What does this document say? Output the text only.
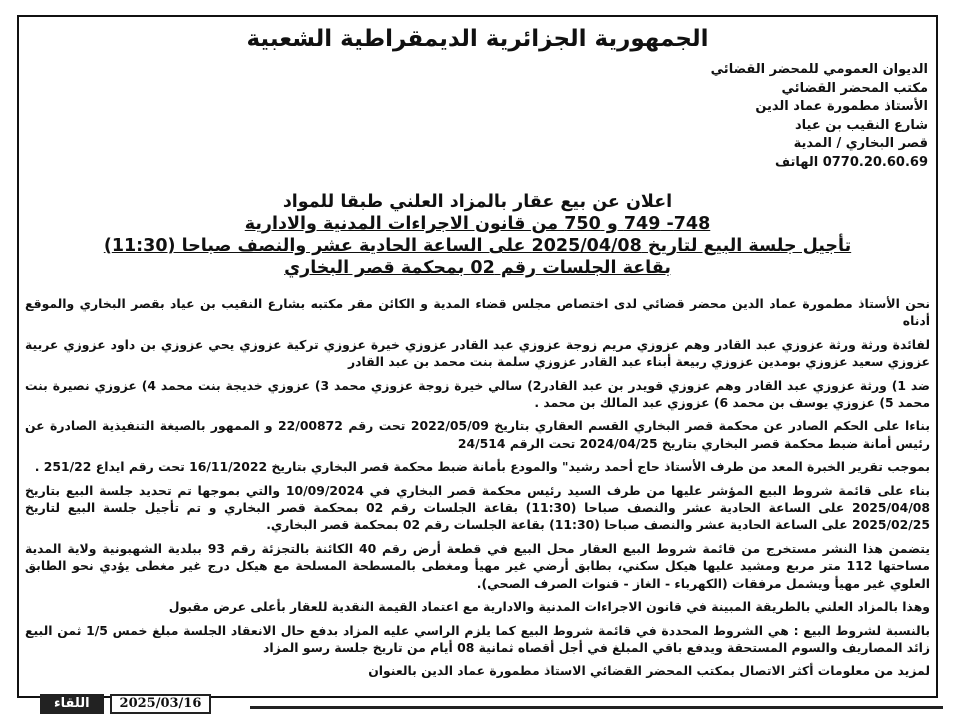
الجمهورية الجزائرية الديمقراطية الشعبية
الديوان العمومي للمحضر القضائي
مكتب المحضر القضائي
الأستاذ مطمورة عماد الدين
شارع النقيب بن عياد
قصر البخاري / المدية
0770.20.60.69 الهاتف
اعلان عن بيع عقار بالمزاد العلني طبقا للمواد
748- 749 و 750 من قانون الاجراءات المدنية والادارية
تأجيل جلسة البيع لتاريخ 2025/04/08 على الساعة الحادية عشر والنصف صباحا (11:30)
بقاعة الجلسات رقم 02 بمحكمة قصر البخاري

نحن الأستاذ مطمورة عماد الدين محضر قضائي لدى اختصاص مجلس قضاء المدية و الكائن مقر مكتبه بشارع النقيب بن عياد بقصر البخاري والموقع أدناه

لفائدة ورثة ورثة عزوزي عبد القادر وهم عزوزي مريم زوجة عزوزي عبد القادر عزوزي خيرة عزوزي تركية عزوزي يحي عزوزي بن داود عزوزي عربية عزوزي سعيد عزوزي بومدين عزوزي ربيعة أبناء عبد القادر عزوزي سلمة بنت محمد بن عبد القادر

ضد 1) ورثة عزوزي عبد القادر وهم عزوزي قويدر بن عبد القادر2) سالي خيرة زوجة عزوزي محمد 3) عزوزي خديجة بنت محمد 4) عزوزي نصيرة بنت محمد 5) عزوزي يوسف بن محمد 6) عزوزي عبد المالك بن محمد .

بناءا على الحكم الصادر عن محكمة قصر البخاري القسم العقاري بتاريخ 2022/05/09 تحت رقم 22/00872 و الممهور بالصيغة التنفيذية الصادرة عن رئيس أمانة ضبط محكمة قصر البخاري بتاريخ 2024/04/25 تحت الرقم 24/514

بموجب تقرير الخبرة المعد من طرف الأستاذ حاج أحمد رشيد" والمودع بأمانة ضبط محكمة قصر البخاري بتاريخ 16/11/2022 تحت رقم ايداع 251/22 .

بناء على قائمة شروط البيع المؤشر عليها من طرف السيد رئيس محكمة قصر البخاري في 10/09/2024 والتي بموجها تم تحديد جلسة البيع بتاريخ 2025/04/08 على الساعة الحادية عشر والنصف صباحا (11:30) بقاعة الجلسات رقم 02 بمحكمة قصر البخاري و تم تأجيل جلسة البيع لتاريخ 2025/02/25 على الساعة الحادية عشر والنصف صباحا (11:30) بقاعة الجلسات رقم 02 بمحكمة قصر البخاري.

يتضمن هذا النشر مستخرج من قائمة شروط البيع العقار محل البيع في قطعة أرض رقم 40 الكائنة بالتجزئة رقم 93 ببلدية الشهبونية ولاية المدية مساحتها 112 متر مربع ومشيد عليها هيكل سكني، بطابق أرضي غير مهيأ ومغطى بالمسطحة المسلحة مع هيكل درج غير مغطى يؤدي نحو الطابق العلوي غير مهيأ ويشمل مرفقات (الكهرباء - الغاز - قنوات الصرف الصحي).

وهذا بالمزاد العلني بالطريقة المبينة في قانون الاجراءات المدنية والادارية مع اعتماد القيمة النقدية للعقار بأعلى عرض مقبول

بالنسبة لشروط البيع : هي الشروط المحددة في قائمة شروط البيع كما يلزم الراسي عليه المزاد بدفع حال الانعقاد الجلسة مبلغ خمس 1/5 ثمن البيع زائد المصاريف والسوم المستحقة ويدفع باقي المبلغ في أجل أقصاه ثمانية 08 أيام من تاريخ جلسة رسو المزاد

لمزيد من معلومات أكثر الاتصال بمكتب المحضر القضائي الاستاذ مطمورة عماد الدين بالعنوان

اللقاء	2025/03/16
